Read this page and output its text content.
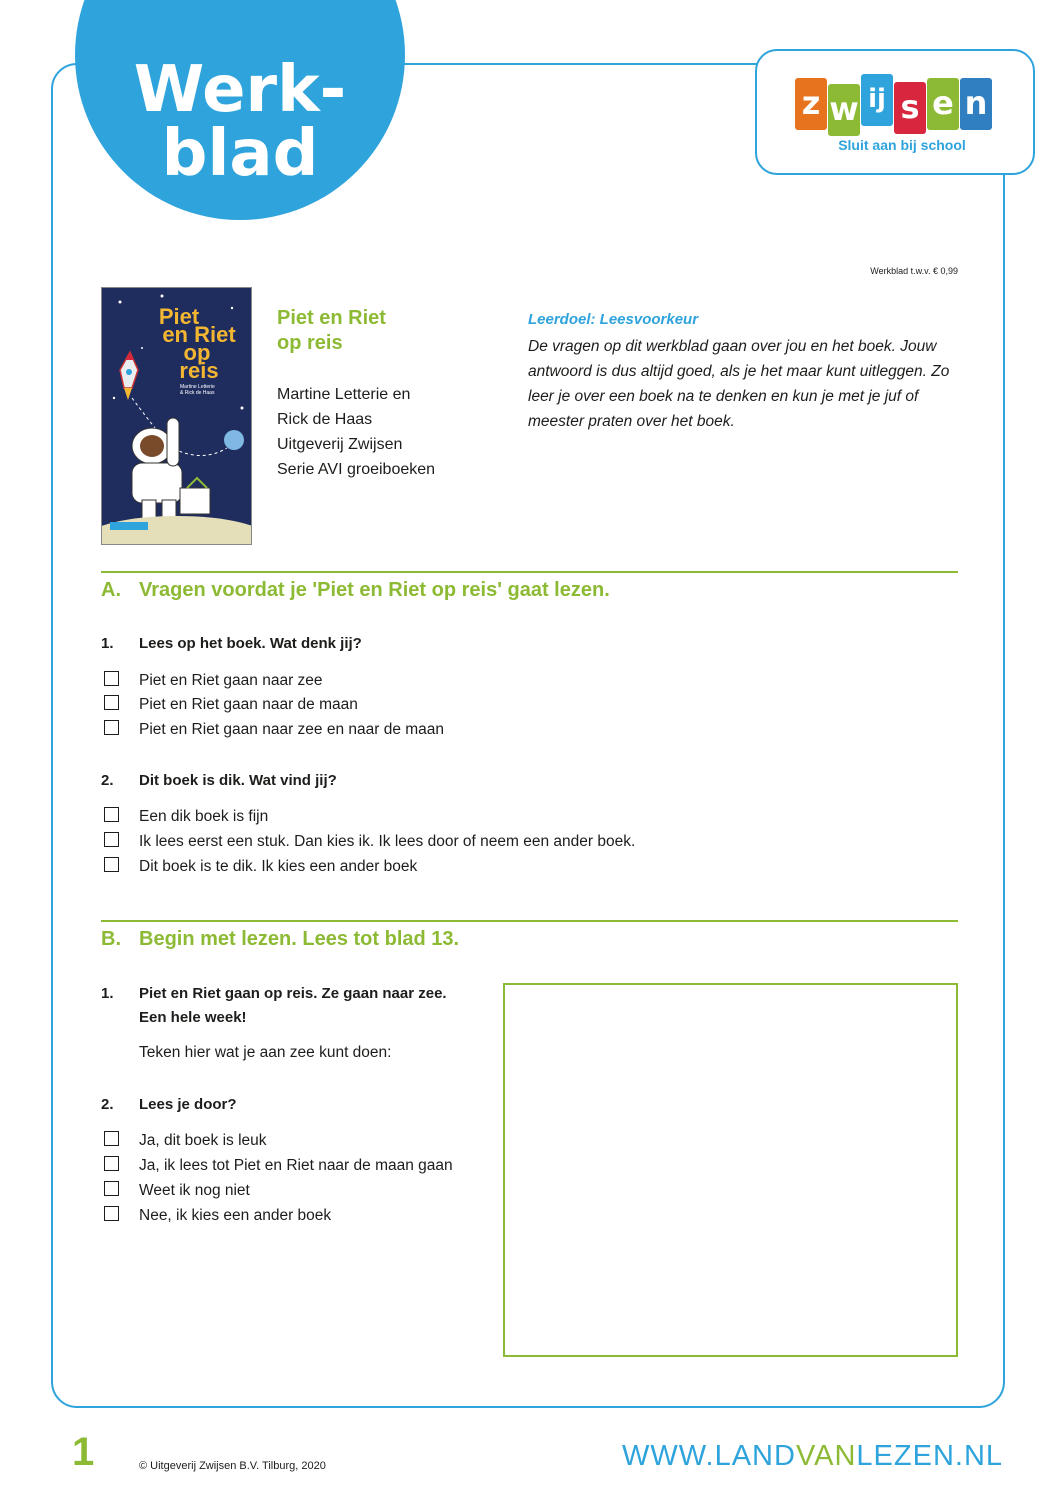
Werk-
blad
z w ij s e n
Sluit aan bij school
Werkblad t.w.v. € 0,99
Piet
en Riet
op
reis
Martine Letterie & Rick de Haas
Piet en Riet
op reis
Martine Letterie en
Rick de Haas
Uitgeverij Zwijsen
Serie AVI groeiboeken
Leerdoel: Leesvoorkeur
De vragen op dit werkblad gaan over jou en het boek. Jouw antwoord is dus altijd goed, als je het maar kunt uitleggen. Zo leer je over een boek na te denken en kun je met je juf of meester praten over het boek.
A. Vragen voordat je 'Piet en Riet op reis' gaat lezen.
1. Lees op het boek. Wat denk jij?
Piet en Riet gaan naar zee
Piet en Riet gaan naar de maan
Piet en Riet gaan naar zee en naar de maan
2. Dit boek is dik. Wat vind jij?
Een dik boek is fijn
Ik lees eerst een stuk. Dan kies ik. Ik lees door of neem een ander boek.
Dit boek is te dik. Ik kies een ander boek
B. Begin met lezen. Lees tot blad 13.
1. Piet en Riet gaan op reis. Ze gaan naar zee.
Een hele week!
Teken hier wat je aan zee kunt doen:
2. Lees je door?
Ja, dit boek is leuk
Ja, ik lees tot Piet en Riet naar de maan gaan
Weet ik nog niet
Nee, ik kies een ander boek
1	© Uitgeverij Zwijsen B.V. Tilburg, 2020	WWW.LANDVANLEZEN.NL
